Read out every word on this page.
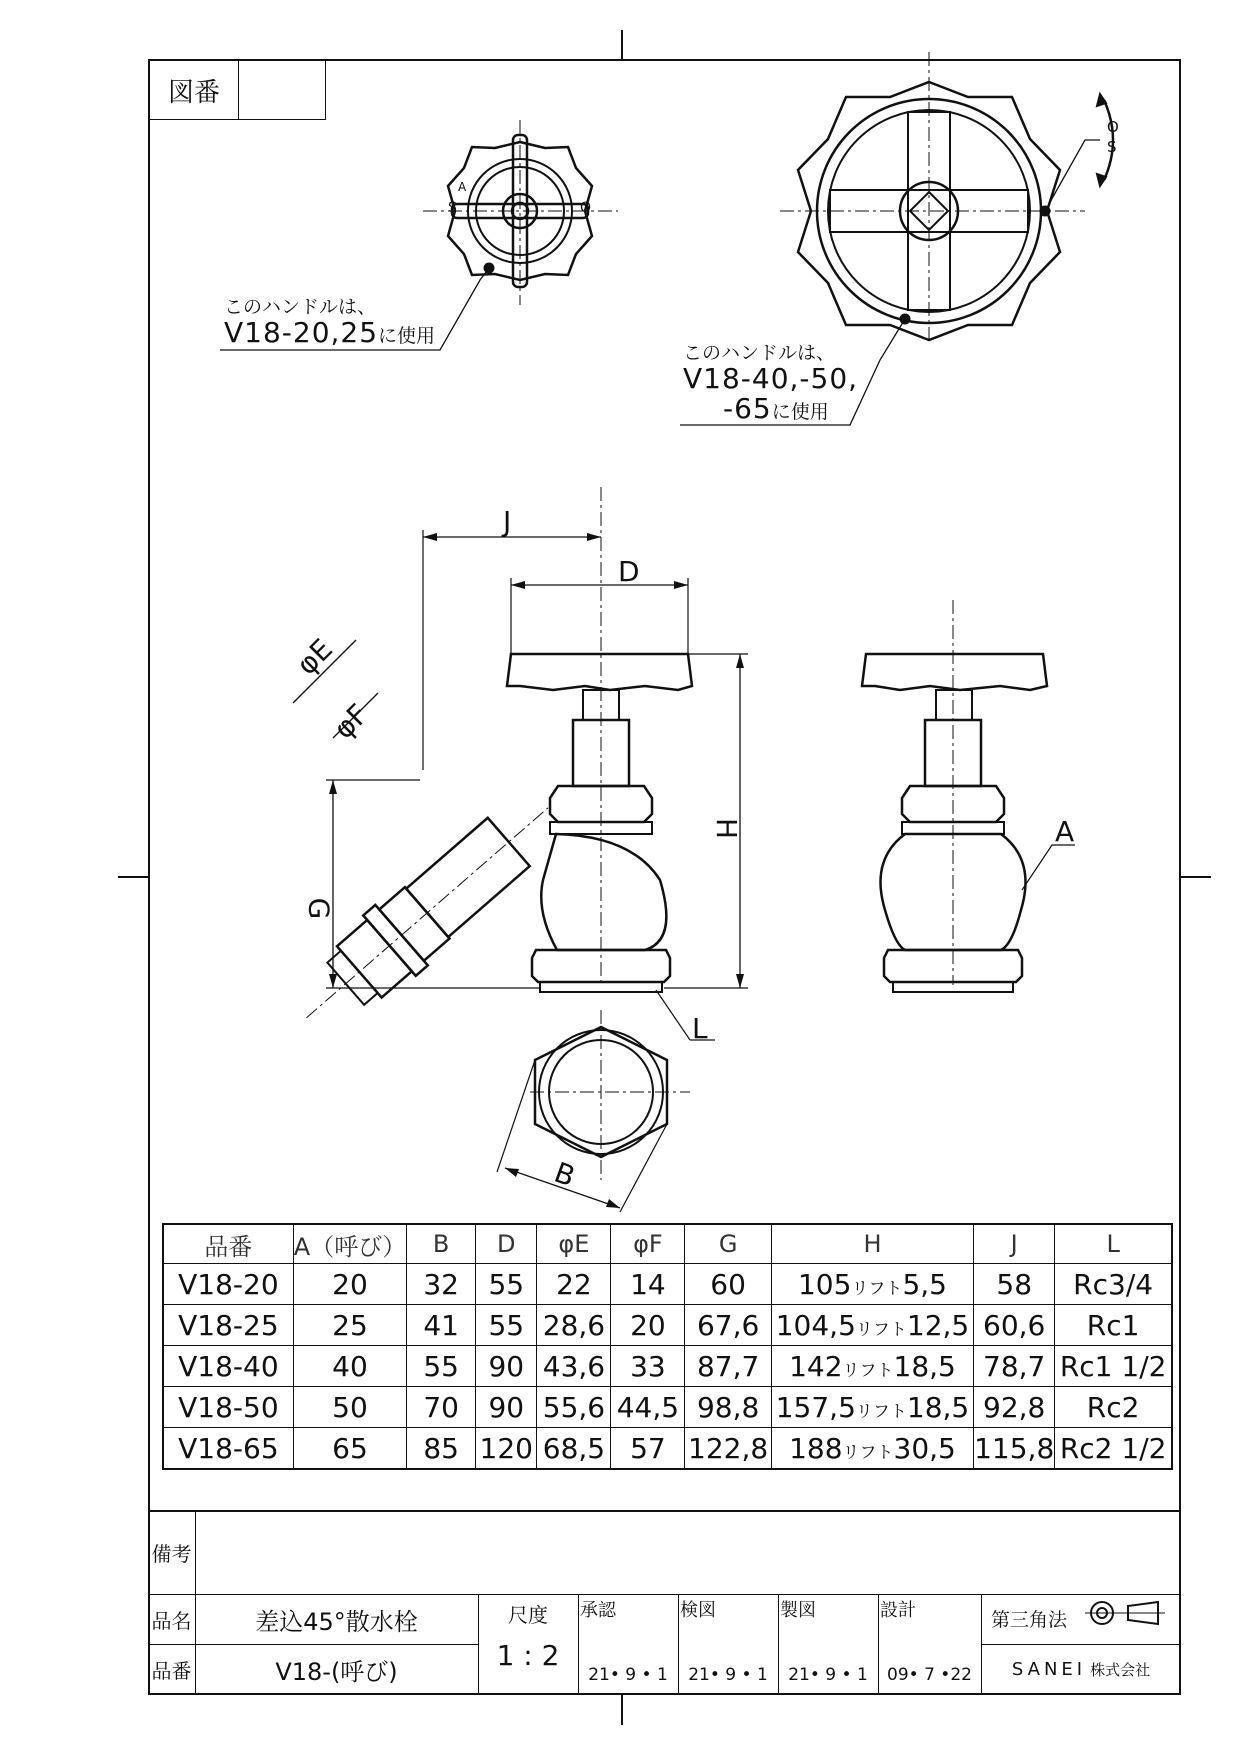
図番
S	O
A
O
S
このハンドルは、
V18-20,25に使用
このハンドルは、
V18-40,-50,
-65に使用
J
D
φE
φF
G
H	A
L
B
品番	A（呼び）	B	D	φE	φF	G	H	J	L
V18-20	20	32	55	22	14	60	105リフト5,5	58	Rc3/4
V18-25	25	41	55	28,6	20	67,6	104,5リフト12,5	60,6	Rc1
V18-40	40	55	90	43,6	33	87,7	142リフト18,5	78,7	Rc1 1/2
V18-50	50	70	90	55,6	44,5	98,8	157,5リフト18,5	92,8	Rc2
V18-65	65	85	120	68,5	57	122,8	188リフト30,5	115,8	Rc2 1/2
備考
品名	差込45°散水栓
品番	V18-(呼び)
尺度
1 : 2
承認
21• 9 • 1
検図
21• 9 • 1
製図
21• 9 • 1
設計
09• 7 •22
第三角法
SANEI 株式会社
